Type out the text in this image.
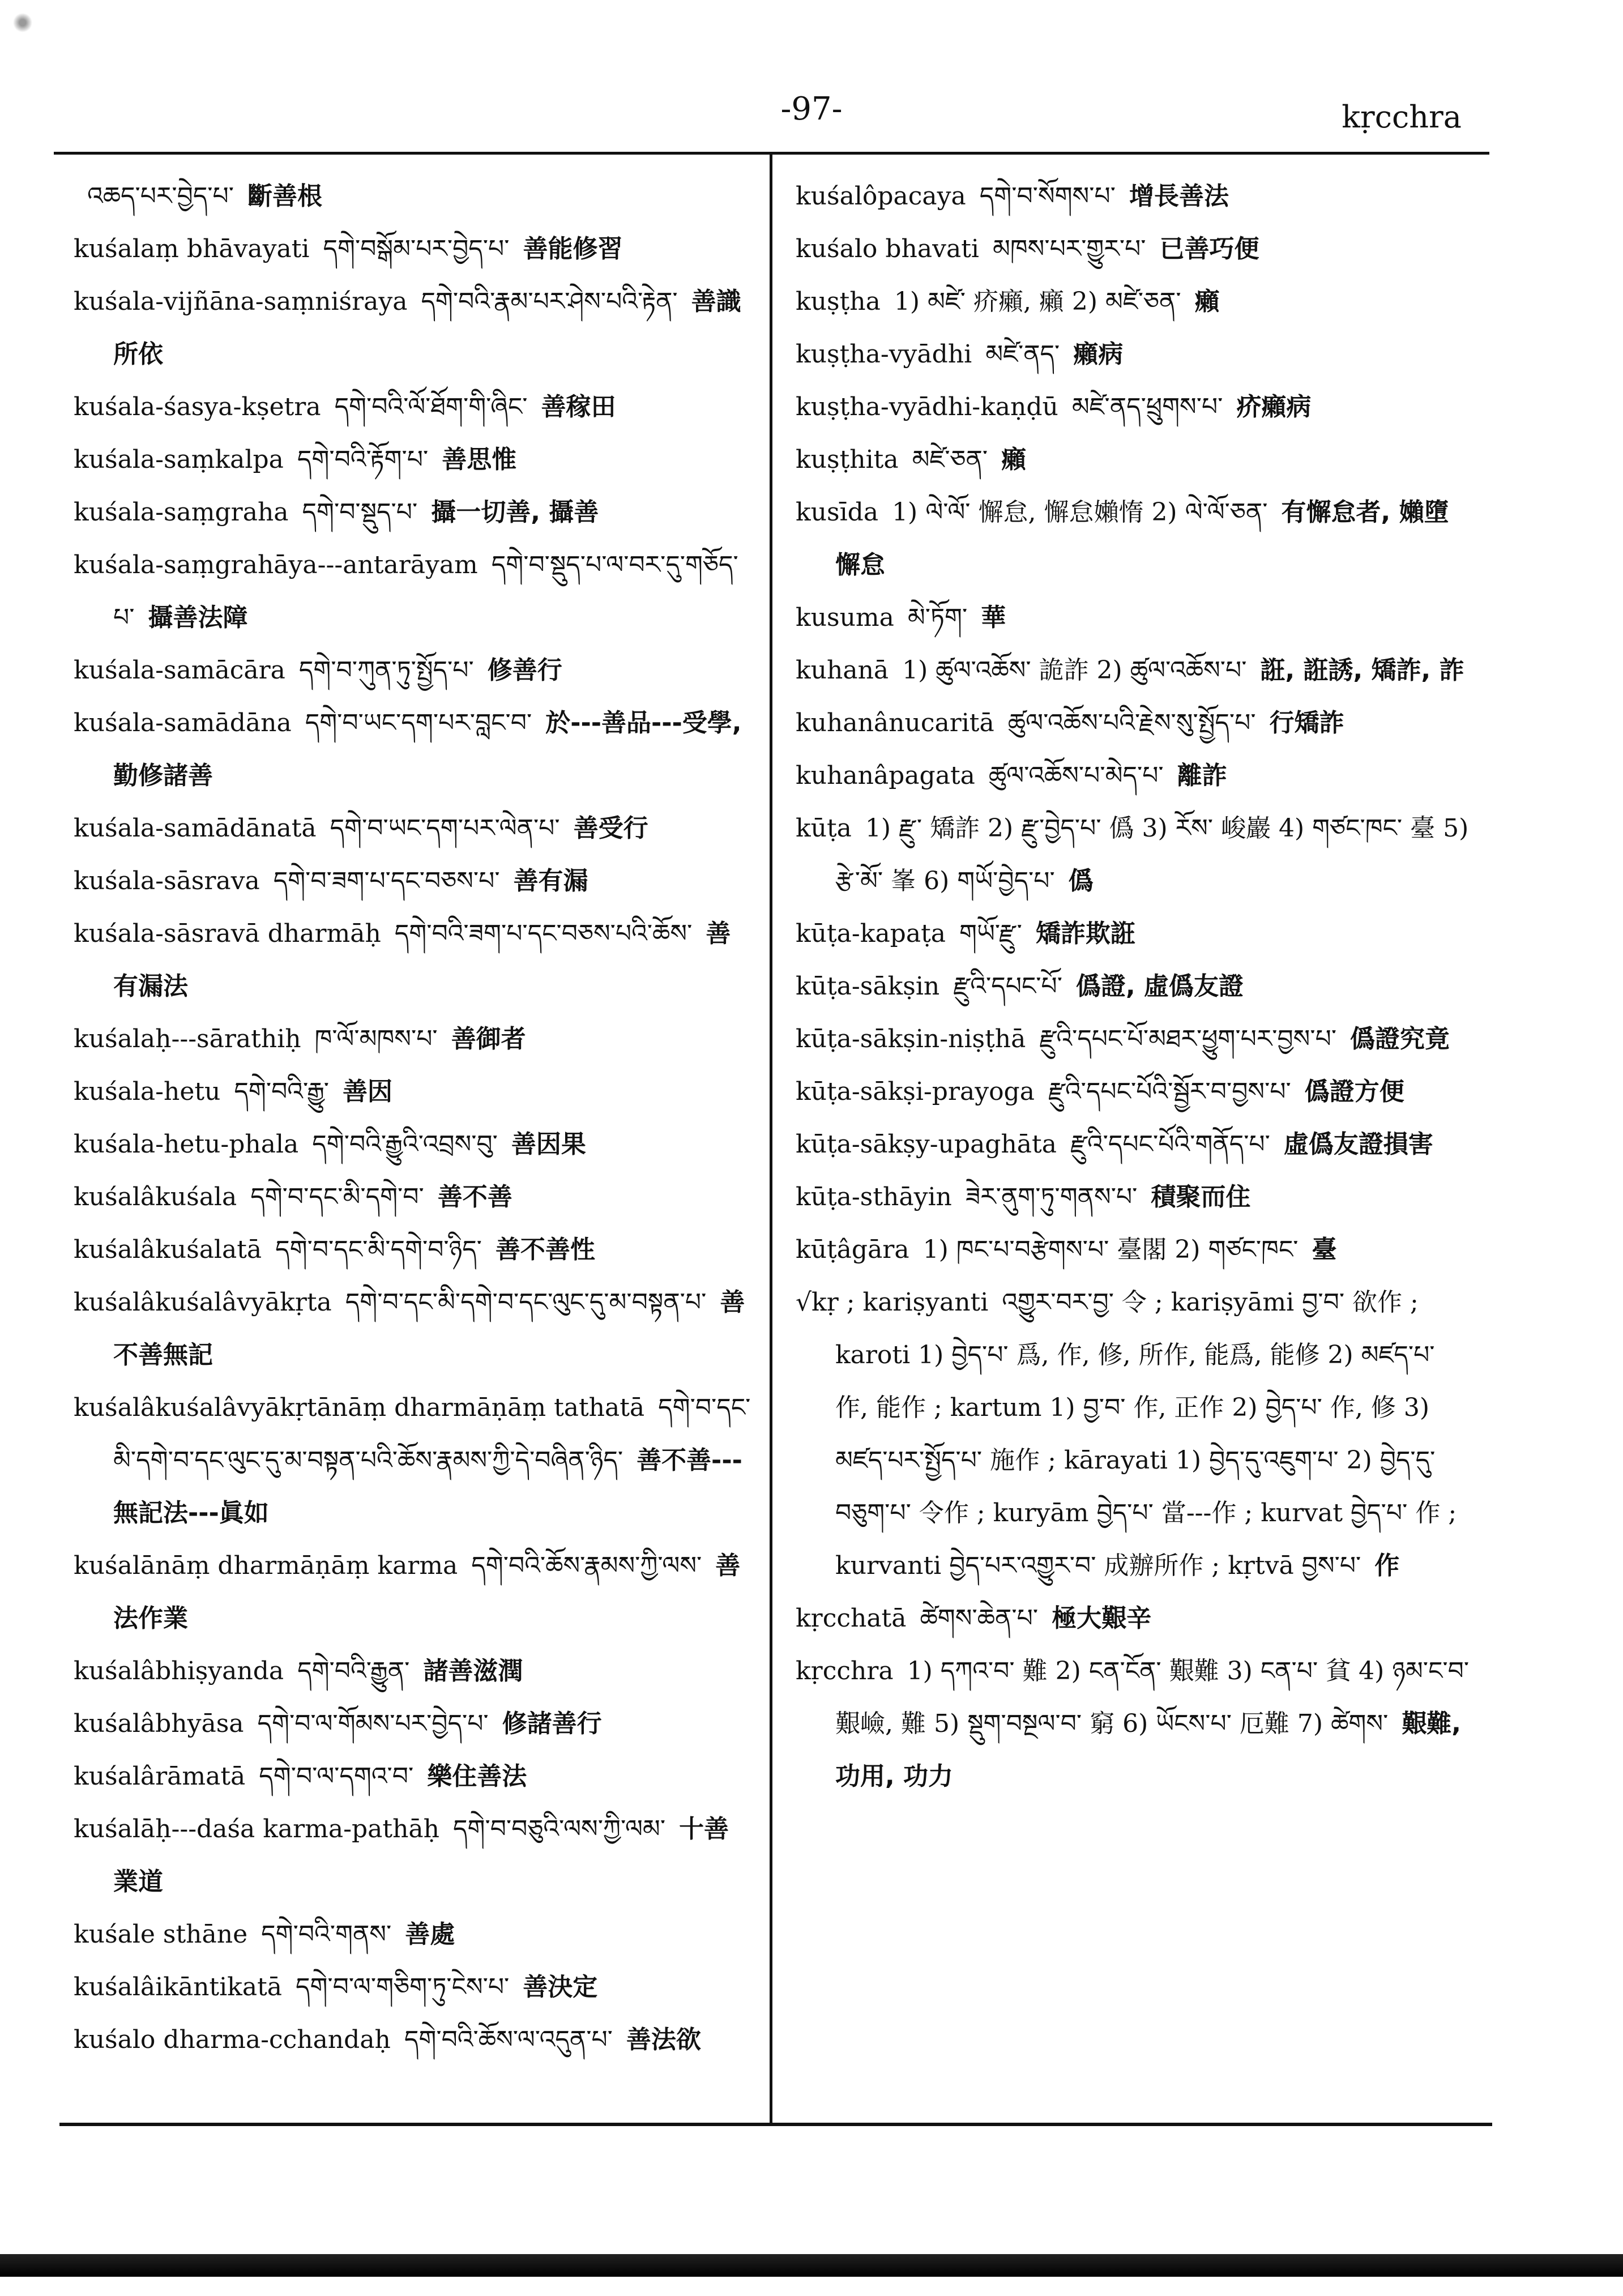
-97-	kṛcchra
འཆད་པར་བྱེད་པ་ 斷善根
kuśalaṃ bhāvayati དགེ་བསྒོམ་པར་བྱེད་པ་ 善能修習
kuśala-vijñāna-saṃniśraya དགེ་བའི་རྣམ་པར་ཤེས་པའི་རྟེན་ 善識所依
kuśala-śasya-kṣetra དགེ་བའི་ལོ་ཐོག་གི་ཞིང་ 善稼田
kuśala-saṃkalpa དགེ་བའི་རྟོག་པ་ 善思惟
kuśala-saṃgraha དགེ་བ་སྡུད་པ་ 攝一切善, 攝善
kuśala-saṃgrahāya---antarāyam དགེ་བ་སྡུད་པ་ལ་བར་དུ་གཅོད་པ་ 攝善法障
kuśala-samācāra དགེ་བ་ཀུན་ཏུ་སྤྱོད་པ་ 修善行
kuśala-samādāna དགེ་བ་ཡང་དག་པར་བླང་བ་ 於---善品---受學, 勤修諸善
kuśala-samādānatā དགེ་བ་ཡང་དག་པར་ལེན་པ་ 善受行
kuśala-sāsrava དགེ་བ་ཟག་པ་དང་བཅས་པ་ 善有漏
kuśala-sāsravā dharmāḥ དགེ་བའི་ཟག་པ་དང་བཅས་པའི་ཆོས་ 善有漏法
kuśalaḥ---sārathiḥ ཁ་ལོ་མཁས་པ་ 善御者
kuśala-hetu དགེ་བའི་རྒྱུ་ 善因
kuśala-hetu-phala དགེ་བའི་རྒྱུའི་འབྲས་བུ་ 善因果
kuśalâkuśala དགེ་བ་དང་མི་དགེ་བ་ 善不善
kuśalâkuśalatā དགེ་བ་དང་མི་དགེ་བ་ཉིད་ 善不善性
kuśalâkuśalâvyākṛta དགེ་བ་དང་མི་དགེ་བ་དང་ལུང་དུ་མ་བསྟན་པ་ 善不善無記
kuśalâkuśalâvyākṛtānāṃ dharmāṇāṃ tathatā དགེ་བ་དང་མི་དགེ་བ་དང་ལུང་དུ་མ་བསྟན་པའི་ཆོས་རྣམས་ཀྱི་དེ་བཞིན་ཉིད་ 善不善---無記法---眞如
kuśalānāṃ dharmāṇāṃ karma དགེ་བའི་ཆོས་རྣམས་ཀྱི་ལས་ 善法作業
kuśalâbhiṣyanda དགེ་བའི་རྒྱུན་ 諸善滋潤
kuśalâbhyāsa དགེ་བ་ལ་གོམས་པར་བྱེད་པ་ 修諸善行
kuśalârāmatā དགེ་བ་ལ་དགའ་བ་ 樂住善法
kuśalāḥ---daśa karma-pathāḥ དགེ་བ་བཅུའི་ལས་ཀྱི་ལམ་ 十善業道
kuśale sthāne དགེ་བའི་གནས་ 善處
kuśalâikāntikatā དགེ་བ་ལ་གཅིག་ཏུ་ངེས་པ་ 善決定
kuśalo dharma-cchandaḥ དགེ་བའི་ཆོས་ལ་འདུན་པ་ 善法欲
kuśalôpacaya དགེ་བ་སོགས་པ་ 增長善法
kuśalo bhavati མཁས་པར་གྱུར་པ་ 已善巧便
kuṣṭha 1) མཛེ་ 疥癩, 癩 2) མཛེ་ཅན་ 癩
kuṣṭha-vyādhi མཛེ་ནད་ 癩病
kuṣṭha-vyādhi-kaṇḍū མཛེ་ནད་ཕྲུགས་པ་ 疥癩病
kuṣṭhita མཛེ་ཅན་ 癩
kusīda 1) ལེ་ལོ་ 懈怠, 懈怠嬾惰 2) ལེ་ལོ་ཅན་ 有懈怠者, 嬾墮懈怠
kusuma མེ་ཏོག་ 華
kuhanā 1) ཚུལ་འཆོས་ 詭詐 2) ཚུལ་འཆོས་པ་ 誑, 誑誘, 矯詐, 詐
kuhanânucaritā ཚུལ་འཆོས་པའི་རྗེས་སུ་སྤྱོད་པ་ 行矯詐
kuhanâpagata ཚུལ་འཆོས་པ་མེད་པ་ 離詐
kūṭa 1) རྫུ་ 矯詐 2) རྫུ་བྱེད་པ་ 僞 3) རོས་ 峻巖 4) གཙང་ཁང་ 臺 5) རྩེ་མོ་ 峯 6) གཡོ་བྱེད་པ་ 僞
kūṭa-kapaṭa གཡོ་རྫུ་ 矯詐欺誑
kūṭa-sākṣin རྫུའི་དཔང་པོ་ 僞證, 虛僞友證
kūṭa-sākṣin-niṣṭhā རྫུའི་དཔང་པོ་མཐར་ཕྱུག་པར་བྱས་པ་ 僞證究竟
kūṭa-sākṣi-prayoga རྫུའི་དཔང་པོའི་སྦྱོར་བ་བྱས་པ་ 僞證方便
kūṭa-sākṣy-upaghāta རྫུའི་དཔང་པོའི་གནོད་པ་ 虛僞友證損害
kūṭa-sthāyin ཟེར་ནུག་ཏུ་གནས་པ་ 積聚而住
kūṭâgāra 1) ཁང་པ་བརྩེགས་པ་ 臺閣 2) གཙང་ཁང་ 臺
√kṛ ; kariṣyanti འགྱུར་བར་བྱ་ 令 ; kariṣyāmi བྱ་བ་ 欲作 ; karoti 1) བྱེད་པ་ 爲, 作, 修, 所作, 能爲, 能修 2) མཛད་པ་ 作, 能作 ; kartum 1) བྱ་བ་ 作, 正作 2) བྱེད་པ་ 作, 修 3) མཛད་པར་སྤྱོད་པ་ 施作 ; kārayati 1) བྱེད་དུ་འཇུག་པ་ 2) བྱེད་དུ་བཅུག་པ་ 令作 ; kuryām བྱེད་པ་ 當---作 ; kurvat བྱེད་པ་ 作 ; kurvanti བྱེད་པར་འགྱུར་བ་ 成辦所作 ; kṛtvā བྱས་པ་ 作
kṛcchatā ཚེགས་ཆེན་པ་ 極大艱辛
kṛcchra 1) དཀའ་བ་ 難 2) ངན་ངོན་ 艱難 3) ངན་པ་ 貧 4) ཉམ་ང་བ་ 艱嶮, 難 5) སྡུག་བསྔལ་བ་ 窮 6) ཡོངས་པ་ 厄難 7) ཚེགས་ 艱難, 功用, 功力
